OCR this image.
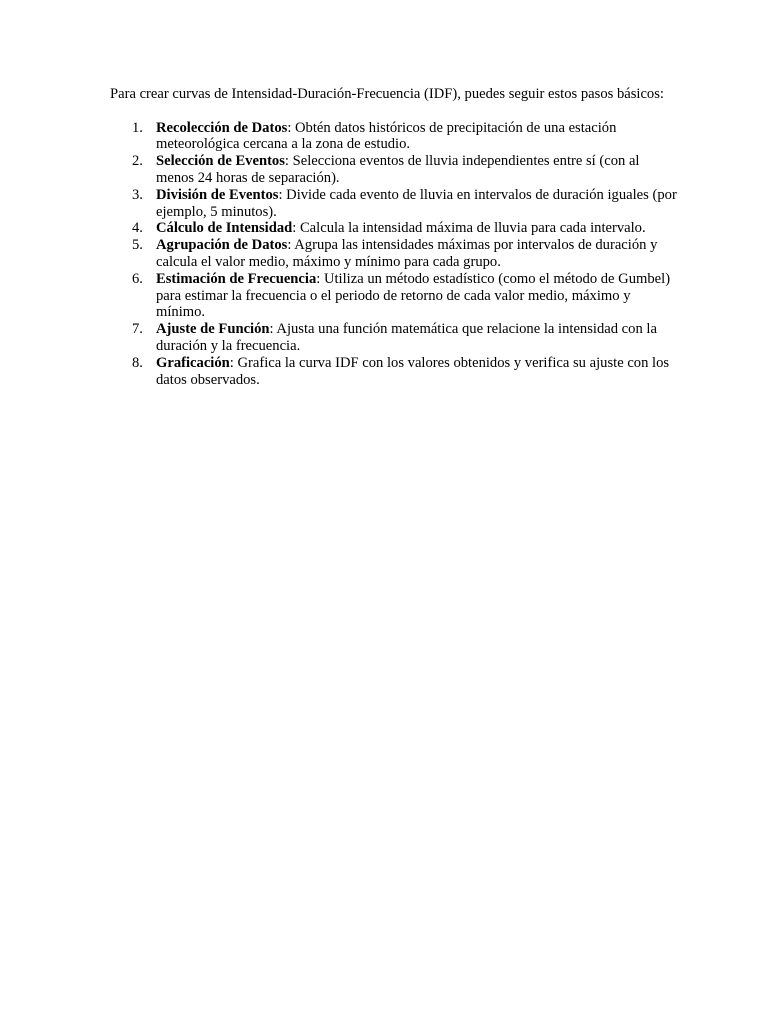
Para crear curvas de Intensidad-Duración-Frecuencia (IDF), puedes seguir estos pasos básicos:

1. Recolección de Datos: Obtén datos históricos de precipitación de una estación meteorológica cercana a la zona de estudio.
2. Selección de Eventos: Selecciona eventos de lluvia independientes entre sí (con al menos 24 horas de separación).
3. División de Eventos: Divide cada evento de lluvia en intervalos de duración iguales (por ejemplo, 5 minutos).
4. Cálculo de Intensidad: Calcula la intensidad máxima de lluvia para cada intervalo.
5. Agrupación de Datos: Agrupa las intensidades máximas por intervalos de duración y calcula el valor medio, máximo y mínimo para cada grupo.
6. Estimación de Frecuencia: Utiliza un método estadístico (como el método de Gumbel) para estimar la frecuencia o el periodo de retorno de cada valor medio, máximo y mínimo.
7. Ajuste de Función: Ajusta una función matemática que relacione la intensidad con la duración y la frecuencia.
8. Graficación: Grafica la curva IDF con los valores obtenidos y verifica su ajuste con los datos observados.
